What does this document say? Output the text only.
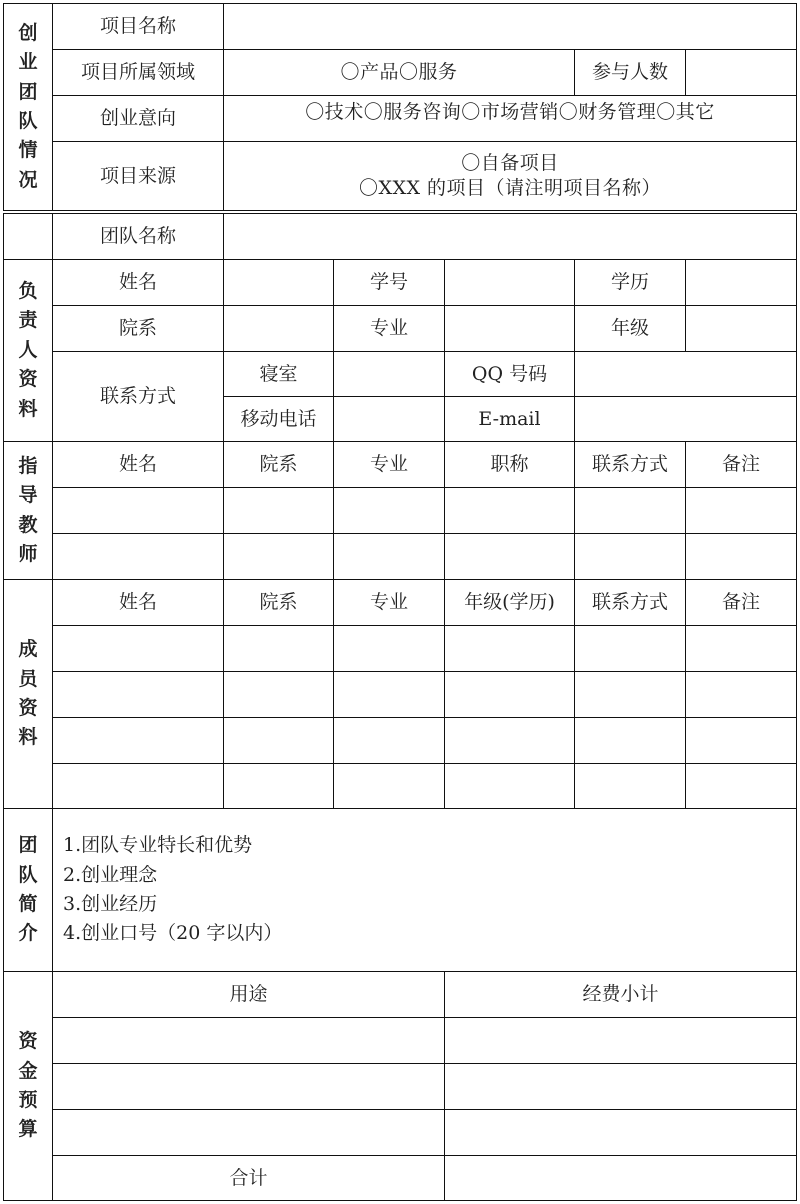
创
业
团
队
情
况
项目名称
项目所属领域	〇产品〇服务	参与人数
创业意向	〇技术〇服务咨询〇市场营销〇财务管理〇其它
项目来源
〇自备项目
〇XXX 的项目（请注明项目名称）
团队名称
负
责
人
资
料
姓名	学号	学历
院系	专业	年级
联系方式
寝室	QQ 号码
移动电话	E-mail
指
导
教
师
姓名	院系	专业	职称	联系方式	备注
成
员
资
料
姓名	院系	专业	年级(学历)	联系方式	备注
团
队
简
介
1.团队专业特长和优势
2.创业理念
3.创业经历
4.创业口号（20 字以内）
资
金
预
算
用途	经费小计
合计
